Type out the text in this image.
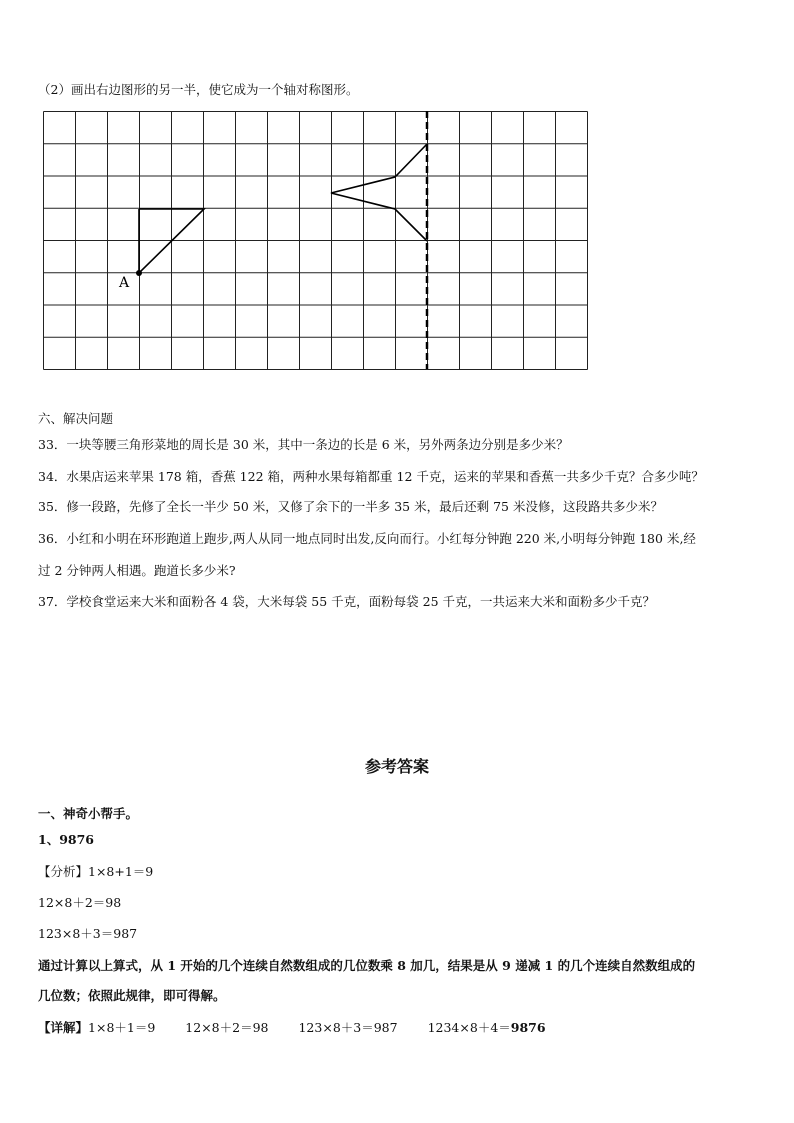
（2）画出右边图形的另一半，使它成为一个轴对称图形。
A
六、解决问题
33．一块等腰三角形菜地的周长是 30 米，其中一条边的长是 6 米，另外两条边分别是多少米？
34．水果店运来苹果 178 箱，香蕉 122 箱，两种水果每箱都重 12 千克，运来的苹果和香蕉一共多少千克？合多少吨？
35．修一段路，先修了全长一半少 50 米，又修了余下的一半多 35 米，最后还剩 75 米没修，这段路共多少米？
36．小红和小明在环形跑道上跑步,两人从同一地点同时出发,反向而行。小红每分钟跑 220 米,小明每分钟跑 180 米,经
过 2 分钟两人相遇。跑道长多少米?
37．学校食堂运来大米和面粉各 4 袋，大米每袋 55 千克，面粉每袋 25 千克，一共运来大米和面粉多少千克？
参考答案
一、神奇小帮手。
1、9876
【分析】1×8+1＝9
12×8＋2＝98
123×8＋3＝987
通过计算以上算式，从 1 开始的几个连续自然数组成的几位数乘 8 加几，结果是从 9 递减 1 的几个连续自然数组成的
几位数；依照此规律，即可得解。
【详解】1×8＋1＝9 12×8＋2＝98 123×8＋3＝987 1234×8＋4＝9876
